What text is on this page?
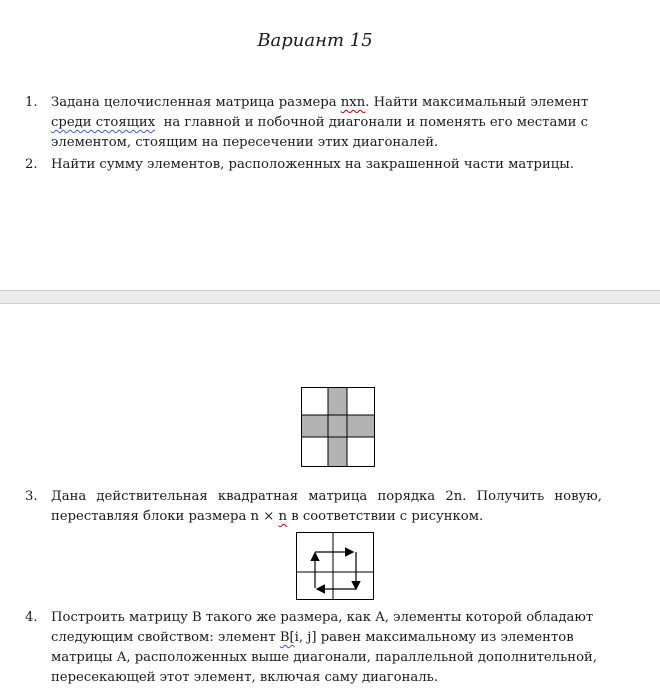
Вариант 15
1.	Задана целочисленная матрица размера nxn. Найти максимальный элемент
среди стоящих на главной и побочной диагонали и поменять его местами с
элементом, стоящим на пересечении этих диагоналей.
2.	Найти сумму элементов, расположенных на закрашенной части матрицы.
3.	Дана действительная квадратная матрица порядка 2n. Получить новую,
переставляя блоки размера n × n в соответствии с рисунком.
4.	Построить матрицу B такого же размера, как A, элементы которой обладают
следующим свойством: элемент B[i, j] равен максимальному из элементов
матрицы A, расположенных выше диагонали, параллельной дополнительной,
пересекающей этот элемент, включая саму диагональ.
